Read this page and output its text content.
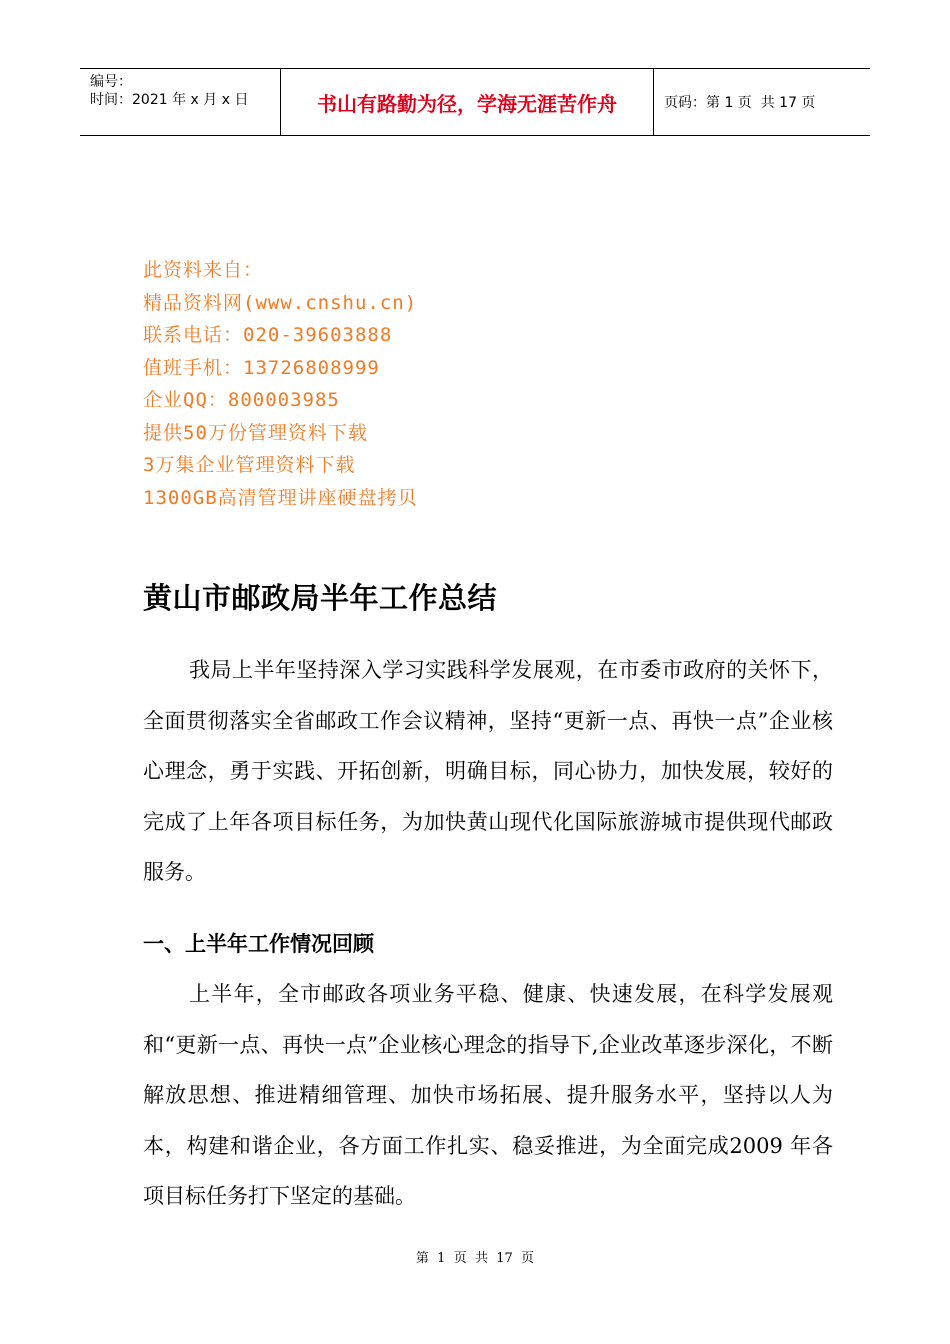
编号：
时间：2021 年 x 月 x 日	书山有路勤为径，学海无涯苦作舟	页码：第 1 页  共 17 页
此资料来自：
精品资料网(www.cnshu.cn)
联系电话：020-39603888
值班手机：13726808999
企业QQ：800003985
提供50万份管理资料下载
3万集企业管理资料下载
1300GB高清管理讲座硬盘拷贝
黄山市邮政局半年工作总结

我局上半年坚持深入学习实践科学发展观，在市委市政府的关怀下，全面贯彻落实全省邮政工作会议精神，坚持“更新一点、再快一点”企业核心理念，勇于实践、开拓创新，明确目标，同心协力，加快发展，较好的完成了上年各项目标任务，为加快黄山现代化国际旅游城市提供现代邮政服务。

一、上半年工作情况回顾

上半年，全市邮政各项业务平稳、健康、快速发展，在科学发展观和“更新一点、再快一点”企业核心理念的指导下,企业改革逐步深化，不断解放思想、推进精细管理、加快市场拓展、提升服务水平，坚持以人为本，构建和谐企业，各方面工作扎实、稳妥推进，为全面完成2009 年各项目标任务打下坚定的基础。

第  1  页  共  17  页
